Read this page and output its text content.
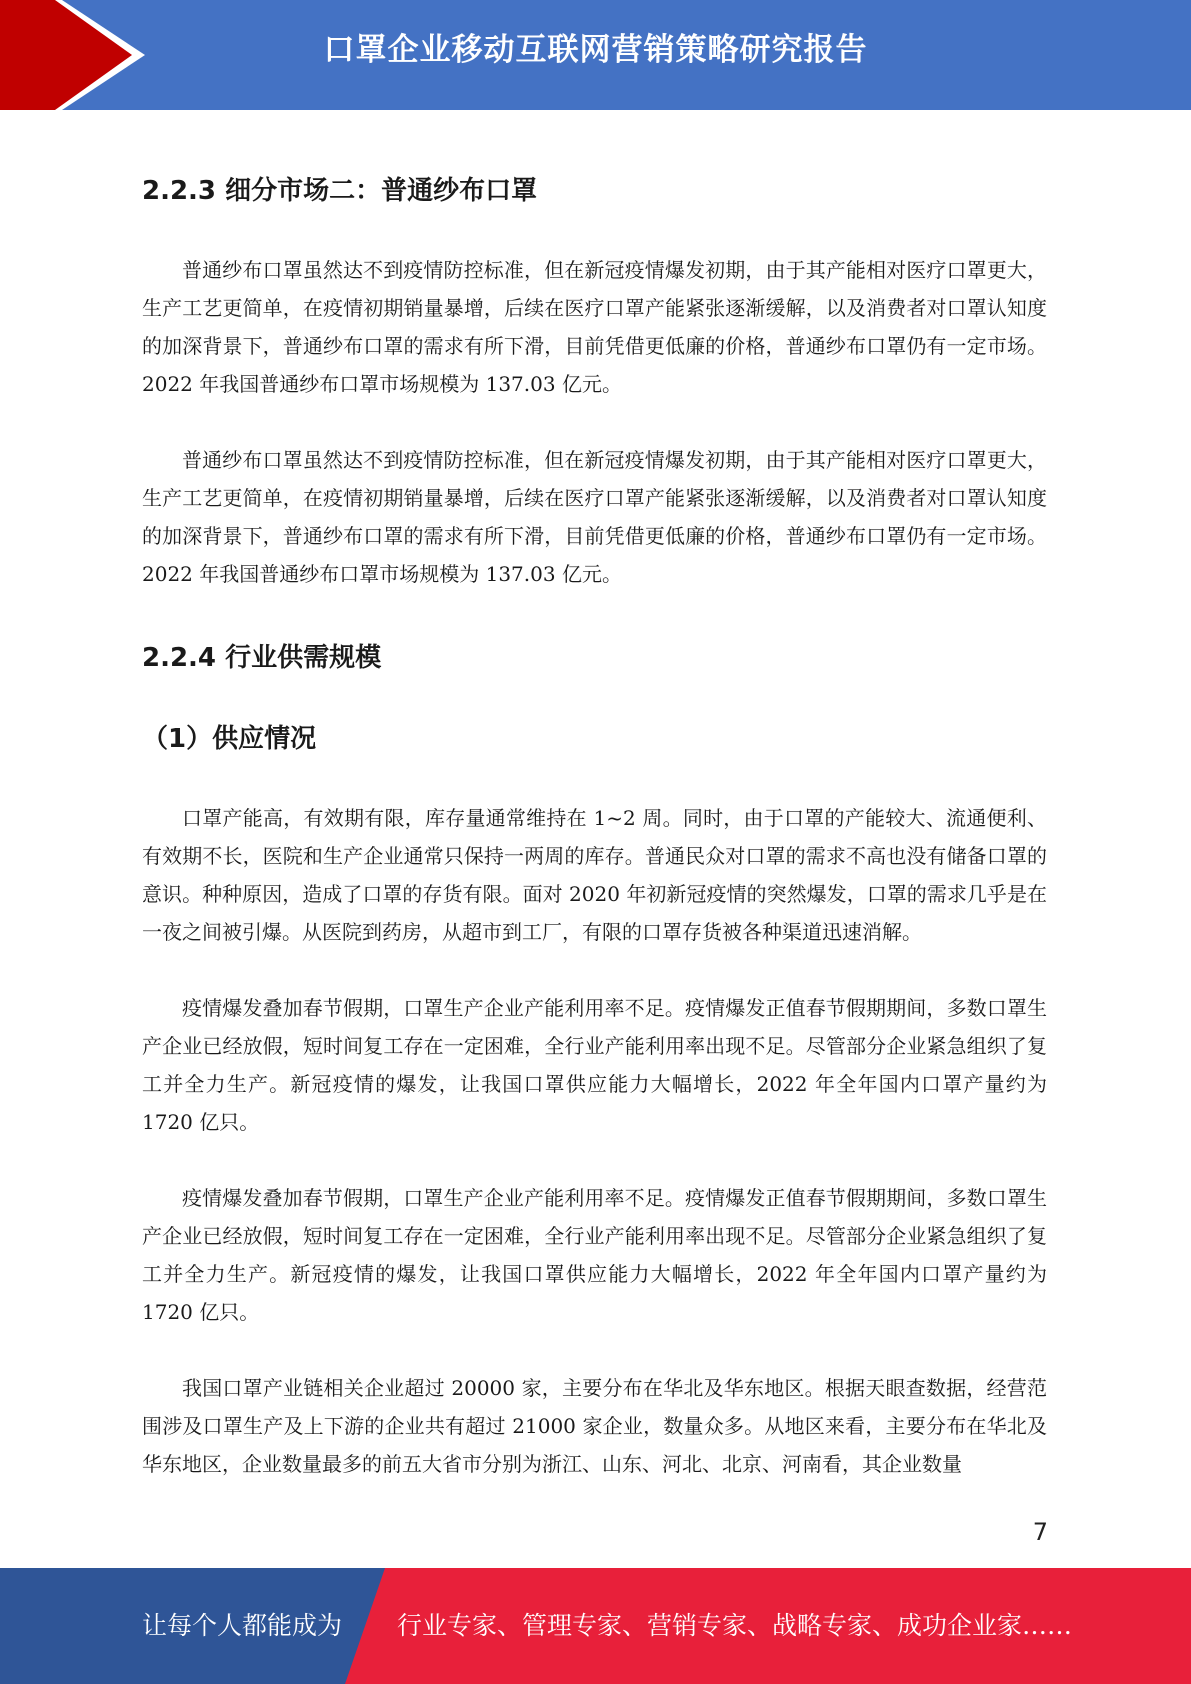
口罩企业移动互联网营销策略研究报告
2.2.3 细分市场二：普通纱布口罩

普通纱布口罩虽然达不到疫情防控标准，但在新冠疫情爆发初期，由于其产能相对医疗口罩更大，生产工艺更简单，在疫情初期销量暴增，后续在医疗口罩产能紧张逐渐缓解，以及消费者对口罩认知度的加深背景下，普通纱布口罩的需求有所下滑，目前凭借更低廉的价格，普通纱布口罩仍有一定市场。2022 年我国普通纱布口罩市场规模为 137.03 亿元。

普通纱布口罩虽然达不到疫情防控标准，但在新冠疫情爆发初期，由于其产能相对医疗口罩更大，生产工艺更简单，在疫情初期销量暴增，后续在医疗口罩产能紧张逐渐缓解，以及消费者对口罩认知度的加深背景下，普通纱布口罩的需求有所下滑，目前凭借更低廉的价格，普通纱布口罩仍有一定市场。2022 年我国普通纱布口罩市场规模为 137.03 亿元。

2.2.4 行业供需规模
（1）供应情况

口罩产能高，有效期有限，库存量通常维持在 1~2 周。同时，由于口罩的产能较大、流通便利、有效期不长，医院和生产企业通常只保持一两周的库存。普通民众对口罩的需求不高也没有储备口罩的意识。种种原因，造成了口罩的存货有限。面对 2020 年初新冠疫情的突然爆发，口罩的需求几乎是在一夜之间被引爆。从医院到药房，从超市到工厂，有限的口罩存货被各种渠道迅速消解。

疫情爆发叠加春节假期，口罩生产企业产能利用率不足。疫情爆发正值春节假期期间，多数口罩生产企业已经放假，短时间复工存在一定困难，全行业产能利用率出现不足。尽管部分企业紧急组织了复工并全力生产。新冠疫情的爆发，让我国口罩供应能力大幅增长，2022 年全年国内口罩产量约为 1720 亿只。

疫情爆发叠加春节假期，口罩生产企业产能利用率不足。疫情爆发正值春节假期期间，多数口罩生产企业已经放假，短时间复工存在一定困难，全行业产能利用率出现不足。尽管部分企业紧急组织了复工并全力生产。新冠疫情的爆发，让我国口罩供应能力大幅增长，2022 年全年国内口罩产量约为 1720 亿只。

我国口罩产业链相关企业超过 20000 家，主要分布在华北及华东地区。根据天眼查数据，经营范围涉及口罩生产及上下游的企业共有超过 21000 家企业，数量众多。从地区来看，主要分布在华北及华东地区，企业数量最多的前五大省市分别为浙江、山东、河北、北京、河南看，其企业数量

7
让每个人都能成为 行业专家、管理专家、营销专家、战略专家、成功企业家……
